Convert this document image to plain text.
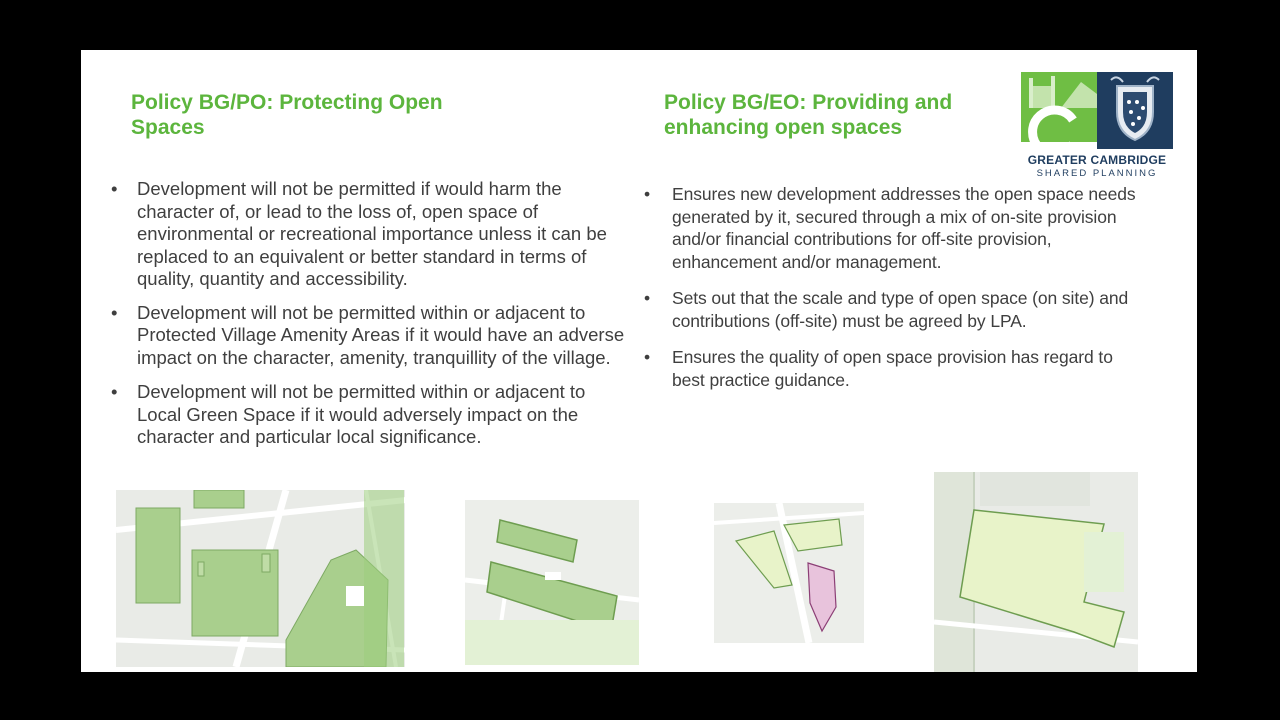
Policy BG/PO: Protecting Open Spaces
• Development will not be permitted if would harm the character of, or lead to the loss of, open space of environmental or recreational importance unless it can be replaced to an equivalent or better standard in terms of quality, quantity and accessibility.
• Development will not be permitted within or adjacent to Protected Village Amenity Areas if it would have an adverse impact on the character, amenity, tranquillity of the village.
• Development will not be permitted within or adjacent to Local Green Space if it would adversely impact on the character and particular local significance.
Policy BG/EO: Providing and enhancing open spaces
• Ensures new development addresses the open space needs generated by it, secured through a mix of on-site provision and/or financial contributions for off-site provision, enhancement and/or management.
• Sets out that the scale and type of open space (on site) and contributions (off-site) must be agreed by LPA.
• Ensures the quality of open space provision has regard to best practice guidance.
GREATER CAMBRIDGE
SHARED PLANNING
